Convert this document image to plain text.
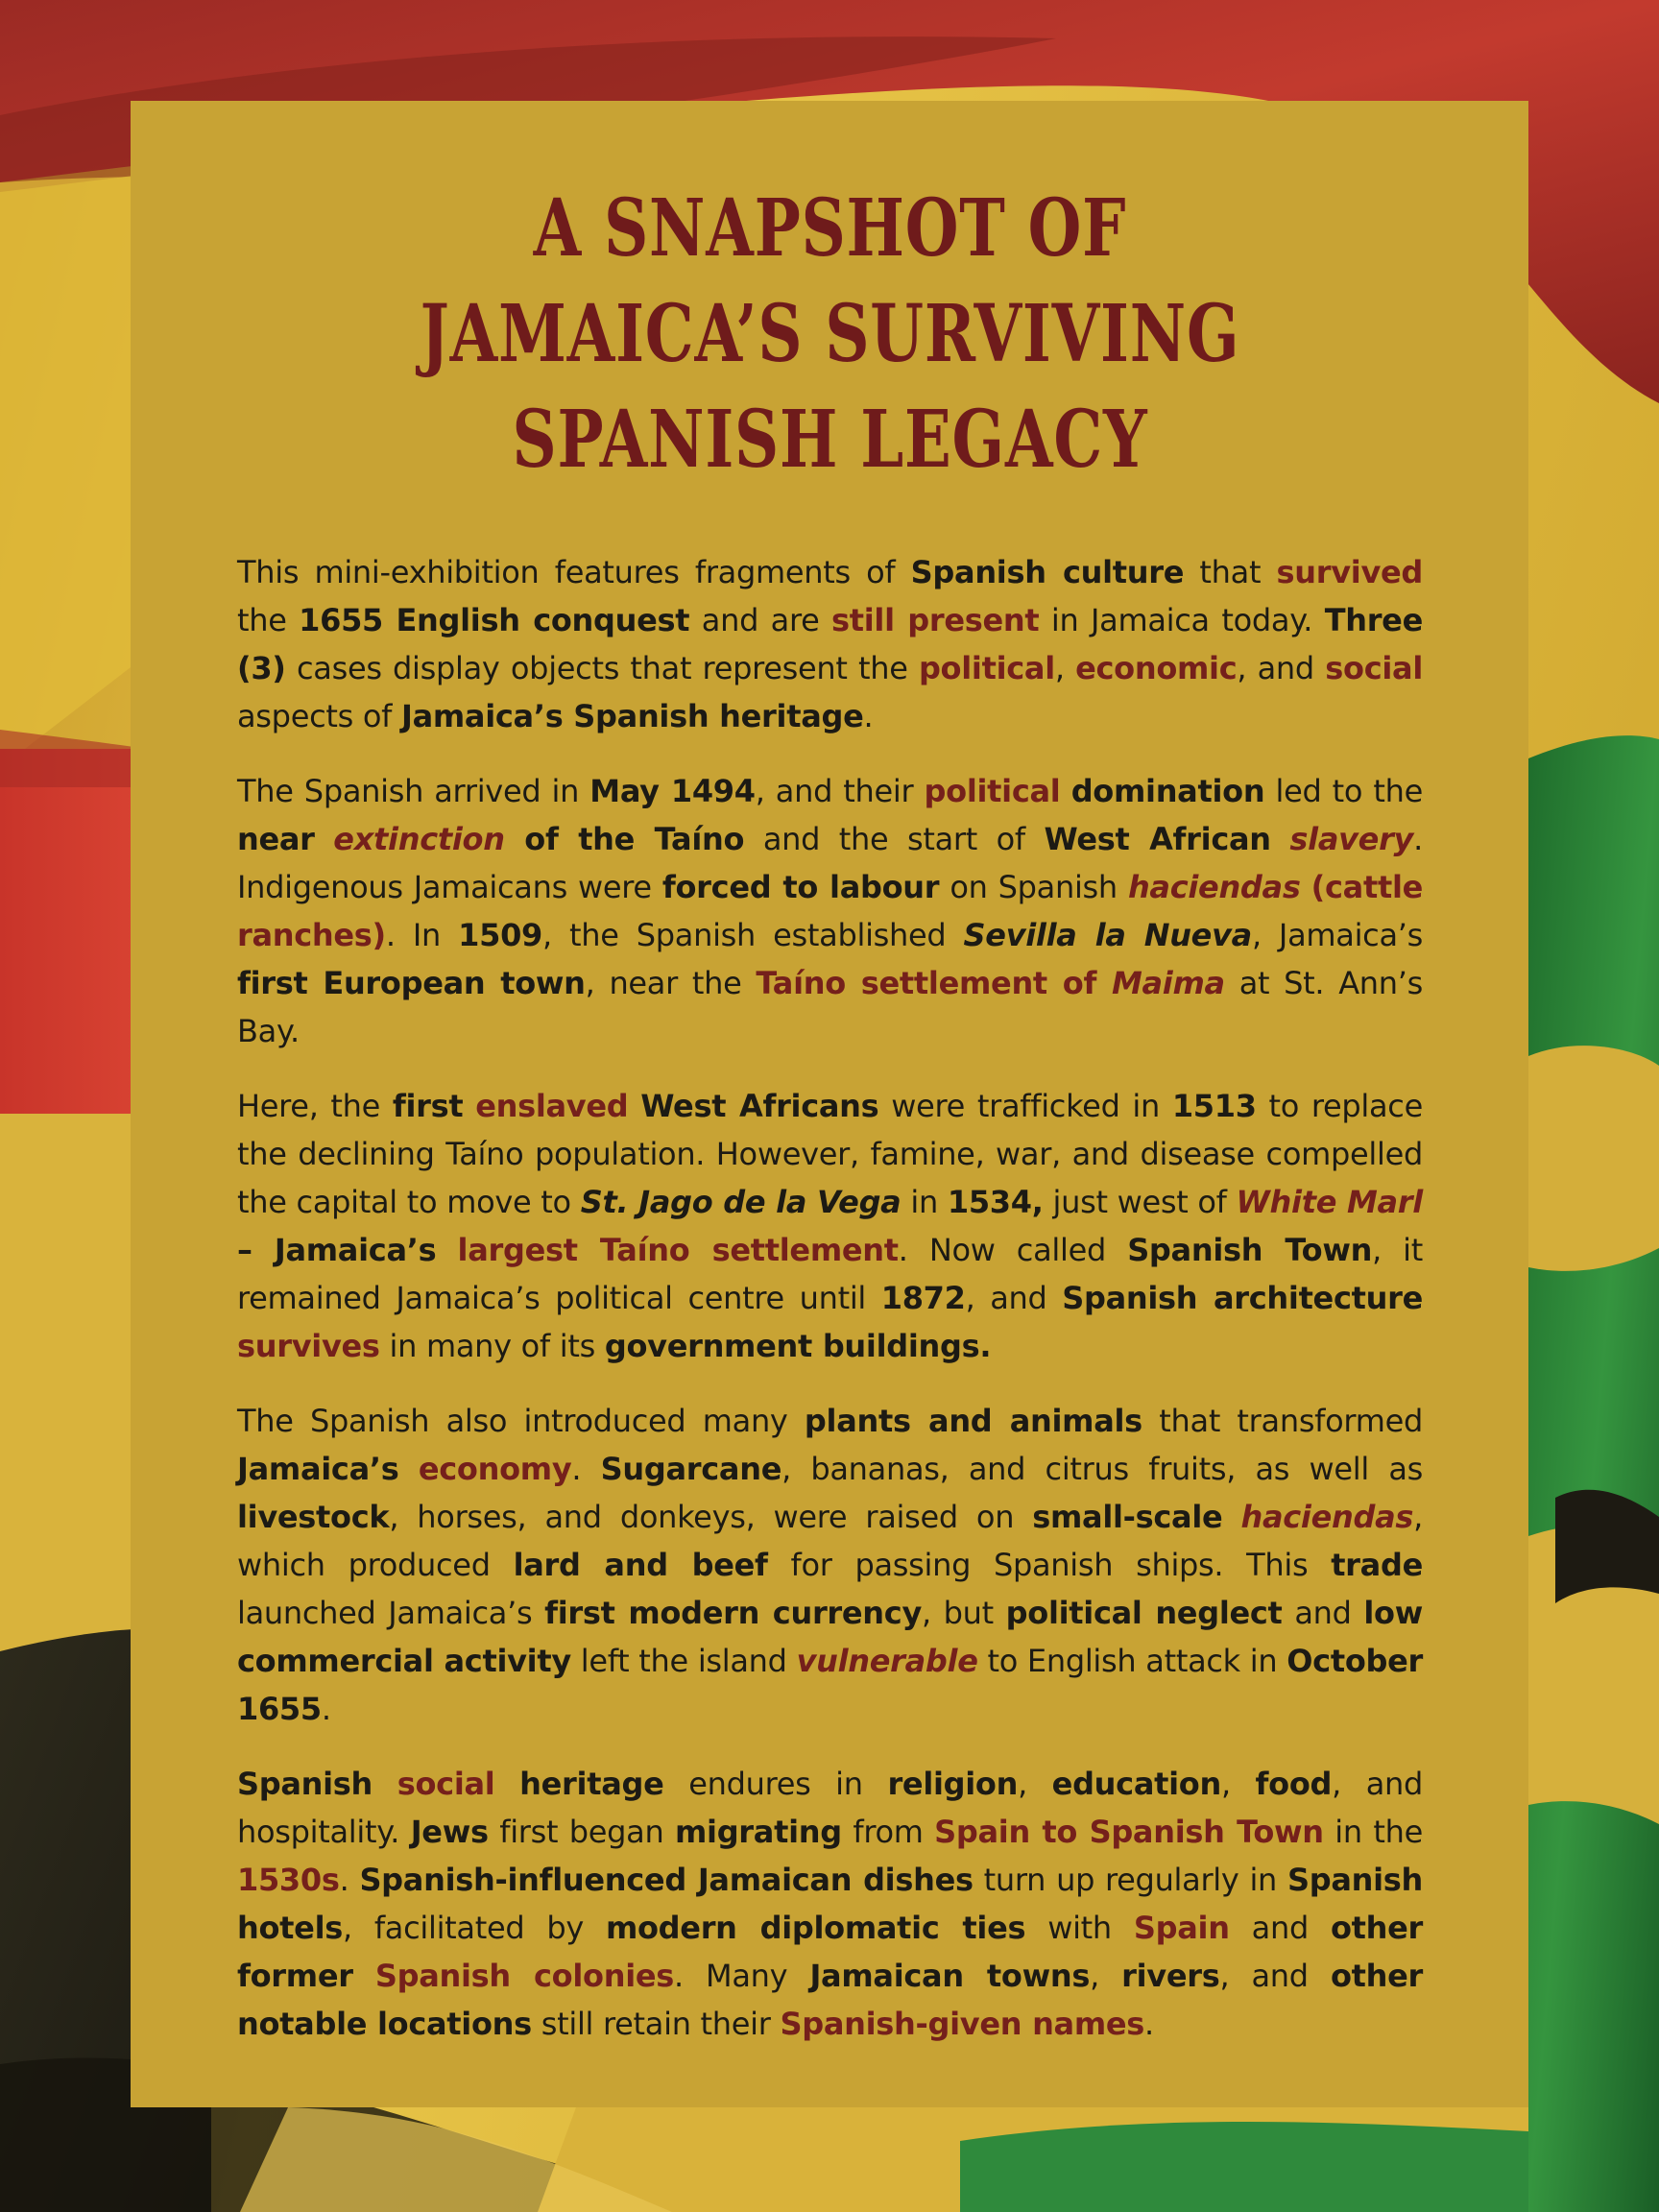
A SNAPSHOT OF JAMAICA’S SURVIVING SPANISH LEGACY

This mini-exhibition features fragments of Spanish culture that survived the 1655 English conquest and are still present in Jamaica today. Three (3) cases display objects that represent the political, economic, and social aspects of Jamaica’s Spanish heritage.

The Spanish arrived in May 1494, and their political domination led to the near extinction of the Taíno and the start of West African slavery. Indigenous Jamaicans were forced to labour on Spanish haciendas (cattle ranches). In 1509, the Spanish established Sevilla la Nueva, Jamaica’s first European town, near the Taíno settlement of Maima at St. Ann’s Bay.

Here, the first enslaved West Africans were trafficked in 1513 to replace the declining Taíno population. However, famine, war, and disease compelled the capital to move to St. Jago de la Vega in 1534, just west of White Marl – Jamaica’s largest Taíno settlement. Now called Spanish Town, it remained Jamaica’s political centre until 1872, and Spanish architecture survives in many of its government buildings.

The Spanish also introduced many plants and animals that transformed Jamaica’s economy. Sugarcane, bananas, and citrus fruits, as well as livestock, horses, and donkeys, were raised on small-scale haciendas, which produced lard and beef for passing Spanish ships. This trade launched Jamaica’s first modern currency, but political neglect and low commercial activity left the island vulnerable to English attack in October 1655.

Spanish social heritage endures in religion, education, food, and hospitality. Jews first began migrating from Spain to Spanish Town in the 1530s. Spanish-influenced Jamaican dishes turn up regularly in Spanish hotels, facilitated by modern diplomatic ties with Spain and other former Spanish colonies. Many Jamaican towns, rivers, and other notable locations still retain their Spanish-given names.
